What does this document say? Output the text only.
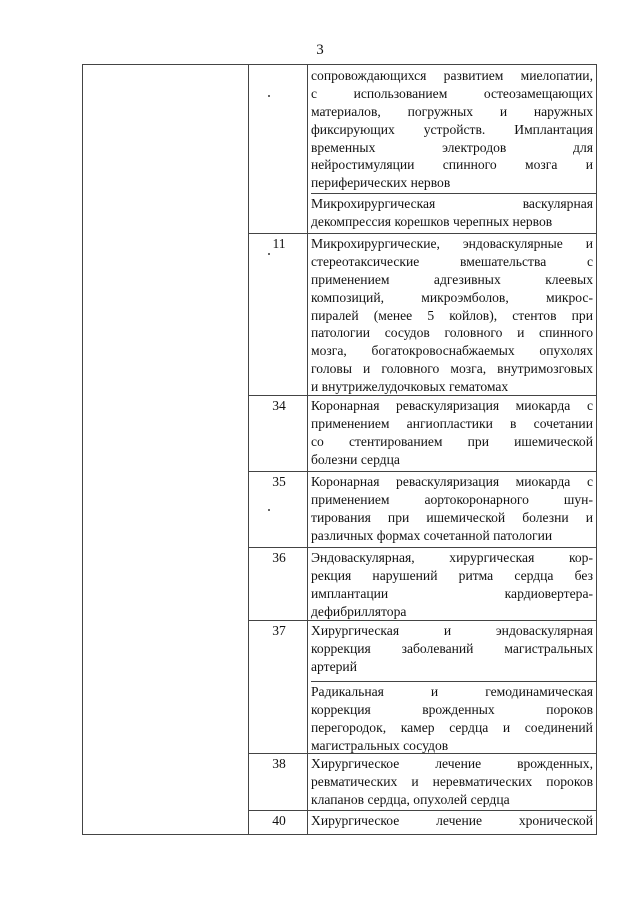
3
сопровождающихся развитием миелопатии,
с	использованием	остеозамещающих
материалов, погружных и наружных
фиксирующих устройств. Имплантация
временных	электродов	для
нейростимуляции спинного мозга и
периферических нервов
Микрохирургическая	васкулярная
декомпрессия корешков черепных нервов
11	Микрохирургические, эндоваскулярные и
стереотаксические	вмешательства	с
применением	адгезивных	клеевых
композиций,	микроэмболов,	микрос-
пиралей (менее 5 койлов), стентов при
патологии сосудов головного и спинного
мозга, богатокровоснабжаемых опухолях
головы и головного мозга, внутримозговых
и внутрижелудочковых гематомах
34	Коронарная реваскуляризация миокарда с
применением ангиопластики в сочетании
со стентированием при ишемической
болезни сердца
35	Коронарная реваскуляризация миокарда с
применением	аортокоронарного	шун-
тирования при ишемической болезни и
различных формах сочетанной патологии
36	Эндоваскулярная,	хирургическая	кор-
рекция нарушений ритма сердца без
имплантации	кардиовертера-
дефибриллятора
37	Хирургическая	и	эндоваскулярная
коррекция заболеваний магистральных
артерий
Радикальная	и	гемодинамическая
коррекция	врожденных	пороков
перегородок, камер сердца и соединений
магистральных сосудов
38	Хирургическое	лечение	врожденных,
ревматических и неревматических пороков
клапанов сердца, опухолей сердца
40	Хирургическое	лечение	хронической
